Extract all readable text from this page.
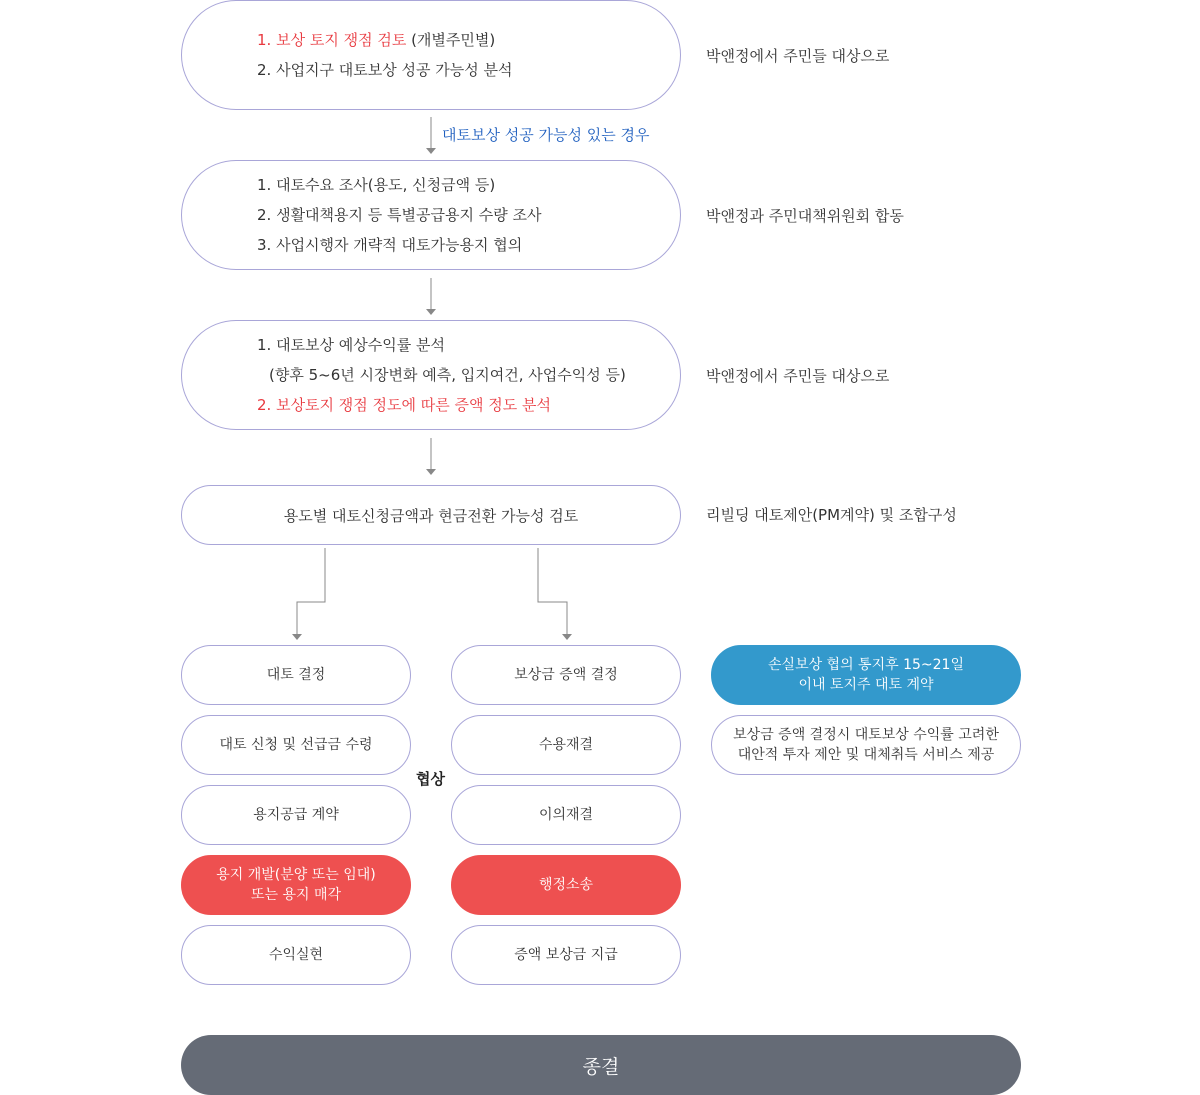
1. 보상 토지 쟁점 검토 (개별주민별)
2. 사업지구 대토보상 성공 가능성 분석
박앤정에서 주민들 대상으로
대토보상 성공 가능성 있는 경우
1. 대토수요 조사(용도, 신청금액 등)
2. 생활대책용지 등 특별공급용지 수량 조사
3. 사업시행자 개략적 대토가능용지 협의
박앤정과 주민대책위원회 합동
1. 대토보상 예상수익률 분석
(향후 5~6년 시장변화 예측, 입지여건, 사업수익성 등)
2. 보상토지 쟁점 정도에 따른 증액 정도 분석
박앤정에서 주민들 대상으로
용도별 대토신청금액과 현금전환 가능성 검토	리빌딩 대토제안(PM계약) 및 조합구성
대토 결정
대토 신청 및 선급금 수령
용지공급 계약
용지 개발(분양 또는 임대)
또는 용지 매각
수익실현
협상
보상금 증액 결정
수용재결
이의재결
행정소송
증액 보상금 지급
손실보상 협의 통지후 15~21일
이내 토지주 대토 계약
보상금 증액 결정시 대토보상 수익률 고려한
대안적 투자 제안 및 대체취득 서비스 제공
종결
